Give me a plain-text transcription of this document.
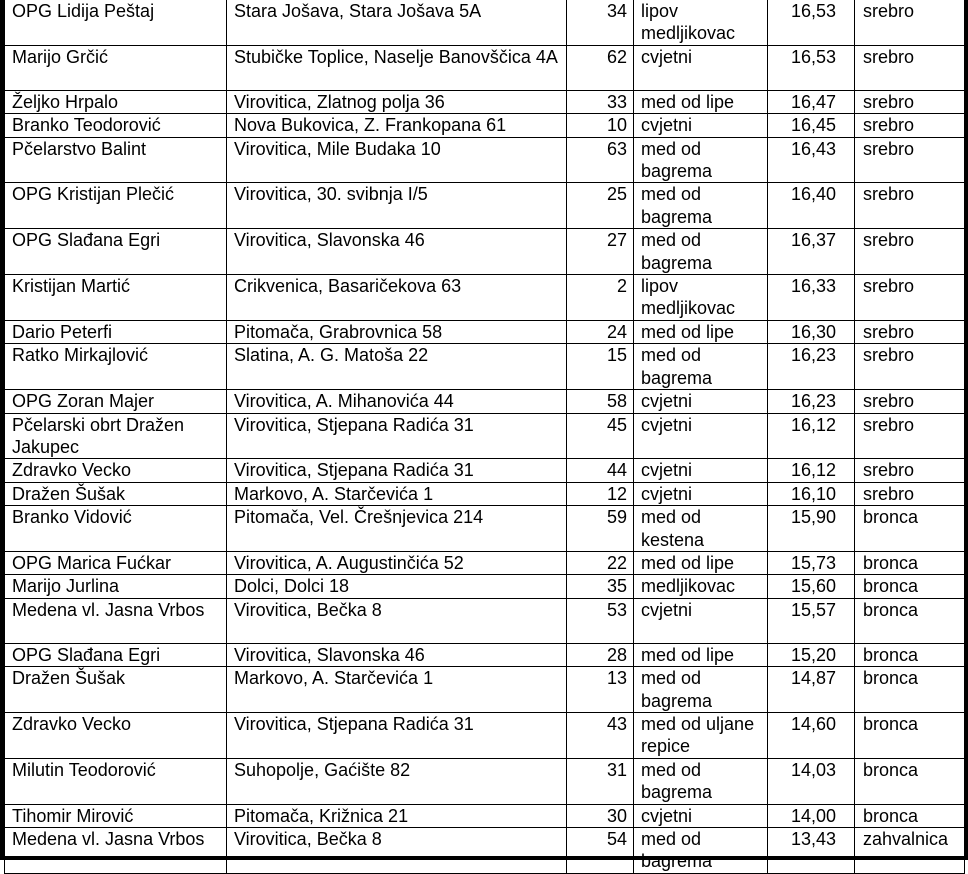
OPG Lidija Peštaj	Stara Jošava, Stara Jošava 5A	34	lipov medljikovac	16,53	srebro
Marijo Grčić	Stubičke Toplice, Naselje Banovščica 4A	62	cvjetni	16,53	srebro
Željko Hrpalo	Virovitica, Zlatnog polja 36	33	med od lipe	16,47	srebro
Branko Teodorović	Nova Bukovica, Z. Frankopana 61	10	cvjetni	16,45	srebro
Pčelarstvo Balint	Virovitica, Mile Budaka 10	63	med od bagrema	16,43	srebro
OPG Kristijan Plečić	Virovitica, 30. svibnja I/5	25	med od bagrema	16,40	srebro
OPG Slađana Egri	Virovitica, Slavonska 46	27	med od bagrema	16,37	srebro
Kristijan Martić	Crikvenica, Basaričekova 63	2	lipov medljikovac	16,33	srebro
Dario Peterfi	Pitomača, Grabrovnica 58	24	med od lipe	16,30	srebro
Ratko Mirkajlović	Slatina, A. G. Matoša 22	15	med od bagrema	16,23	srebro
OPG Zoran Majer	Virovitica, A. Mihanovića 44	58	cvjetni	16,23	srebro
Pčelarski obrt Dražen Jakupec	Virovitica, Stjepana Radića 31	45	cvjetni	16,12	srebro
Zdravko Vecko	Virovitica, Stjepana Radića 31	44	cvjetni	16,12	srebro
Dražen Šušak	Markovo, A. Starčevića 1	12	cvjetni	16,10	srebro
Branko Vidović	Pitomača, Vel. Črešnjevica 214	59	med od kestena	15,90	bronca
OPG Marica Fućkar	Virovitica, A. Augustinčića 52	22	med od lipe	15,73	bronca
Marijo Jurlina	Dolci, Dolci 18	35	medljikovac	15,60	bronca
Medena vl. Jasna Vrbos	Virovitica, Bečka 8	53	cvjetni	15,57	bronca
OPG Slađana Egri	Virovitica, Slavonska 46	28	med od lipe	15,20	bronca
Dražen Šušak	Markovo, A. Starčevića 1	13	med od bagrema	14,87	bronca
Zdravko Vecko	Virovitica, Stjepana Radića 31	43	med od uljane repice	14,60	bronca
Milutin Teodorović	Suhopolje, Gaćište 82	31	med od bagrema	14,03	bronca
Tihomir Mirović	Pitomača, Križnica 21	30	cvjetni	14,00	bronca
Medena vl. Jasna Vrbos	Virovitica, Bečka 8	54	med od bagrema	13,43	zahvalnica
